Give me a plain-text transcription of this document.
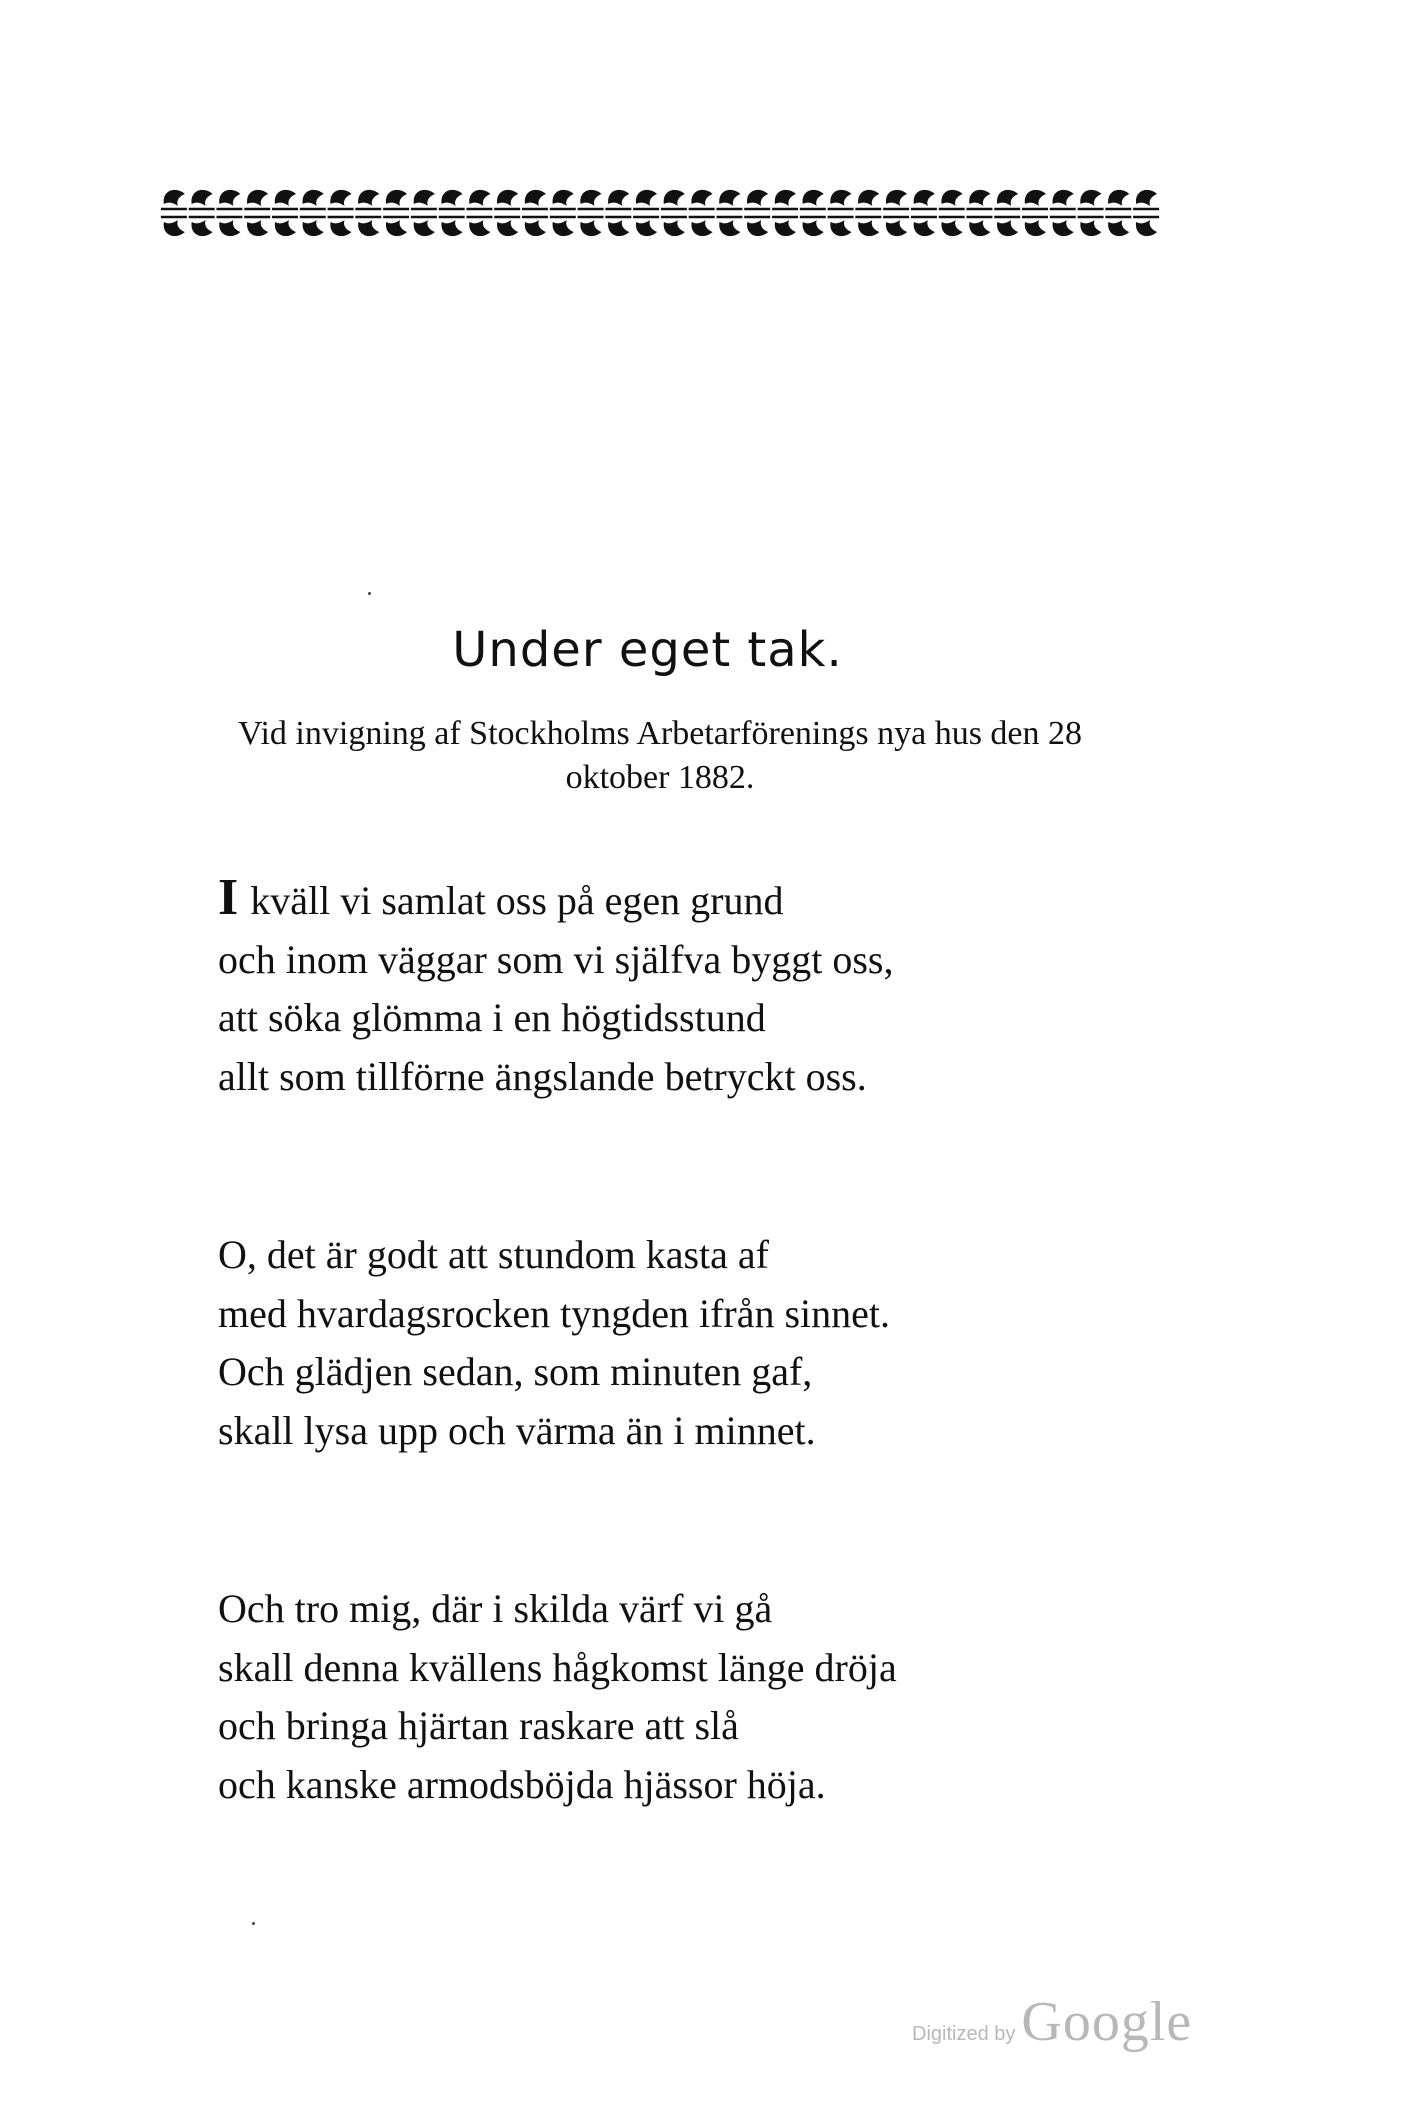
Under eget tak.
Vid invigning af Stockholms Arbetarförenings nya hus den 28 oktober 1882.
I kväll vi samlat oss på egen grund
och inom väggar som vi själfva byggt oss,
att söka glömma i en högtidsstund
allt som tillförne ängslande betryckt oss.
O, det är godt att stundom kasta af
med hvardagsrocken tyngden ifrån sinnet.
Och glädjen sedan, som minuten gaf,
skall lysa upp och värma än i minnet.
Och tro mig, där i skilda värf vi gå
skall denna kvällens hågkomst länge dröja
och bringa hjärtan raskare att slå
och kanske armodsböjda hjässor höja.
Digitized by Google
